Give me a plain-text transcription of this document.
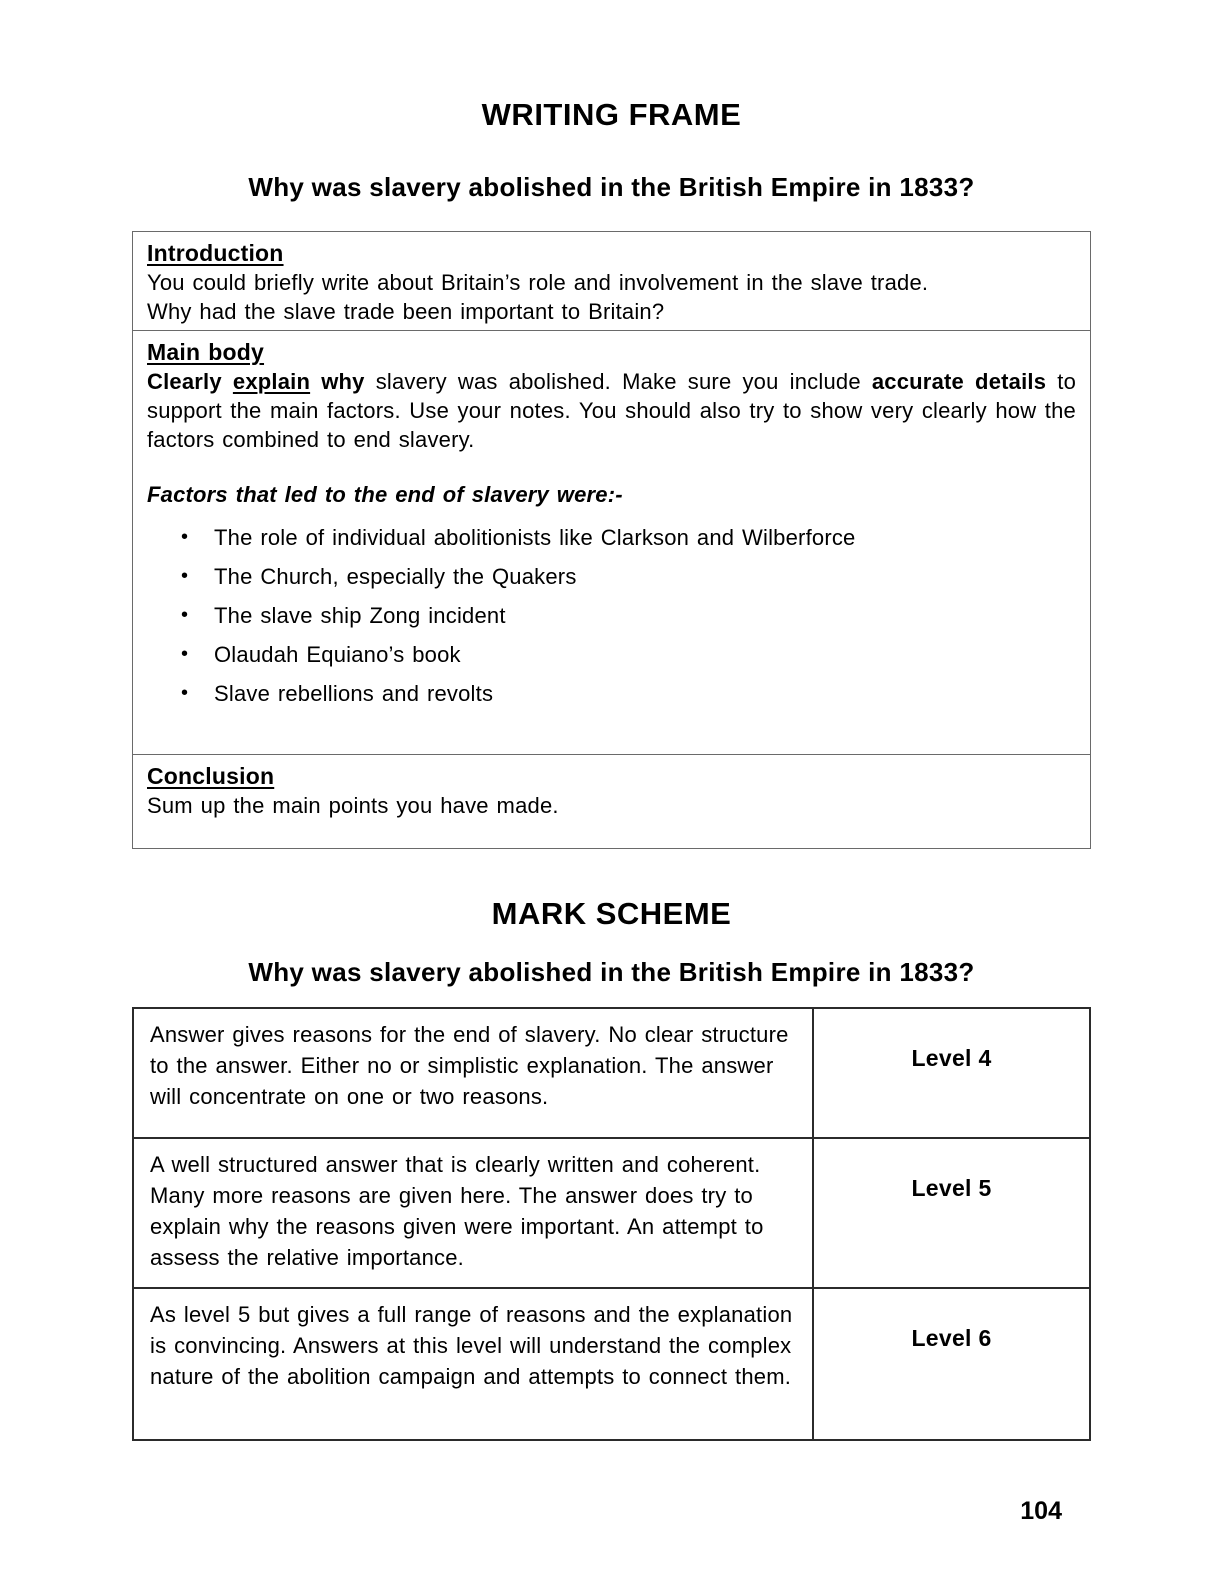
WRITING FRAME
Why was slavery abolished in the British Empire in 1833?
Introduction
You could briefly write about Britain’s role and involvement in the slave trade.
Why had the slave trade been important to Britain?
Main body
Clearly explain why slavery was abolished. Make sure you include accurate details to support the main factors. Use your notes. You should also try to show very clearly how the factors combined to end slavery.
Factors that led to the end of slavery were:-
•	The role of individual abolitionists like Clarkson and Wilberforce
•	The Church, especially the Quakers
•	The slave ship Zong incident
•	Olaudah Equiano’s book
•	Slave rebellions and revolts
Conclusion
Sum up the main points you have made.
MARK SCHEME
Why was slavery abolished in the British Empire in 1833?
Answer gives reasons for the end of slavery. No clear structure to the answer. Either no or simplistic explanation. The answer will concentrate on one or two reasons.
Level 4
A well structured answer that is clearly written and coherent. Many more reasons are given here. The answer does try to explain why the reasons given were important. An attempt to assess the relative importance.
Level 5
As level 5 but gives a full range of reasons and the explanation is convincing. Answers at this level will understand the complex nature of the abolition campaign and attempts to connect them.
Level 6
104
